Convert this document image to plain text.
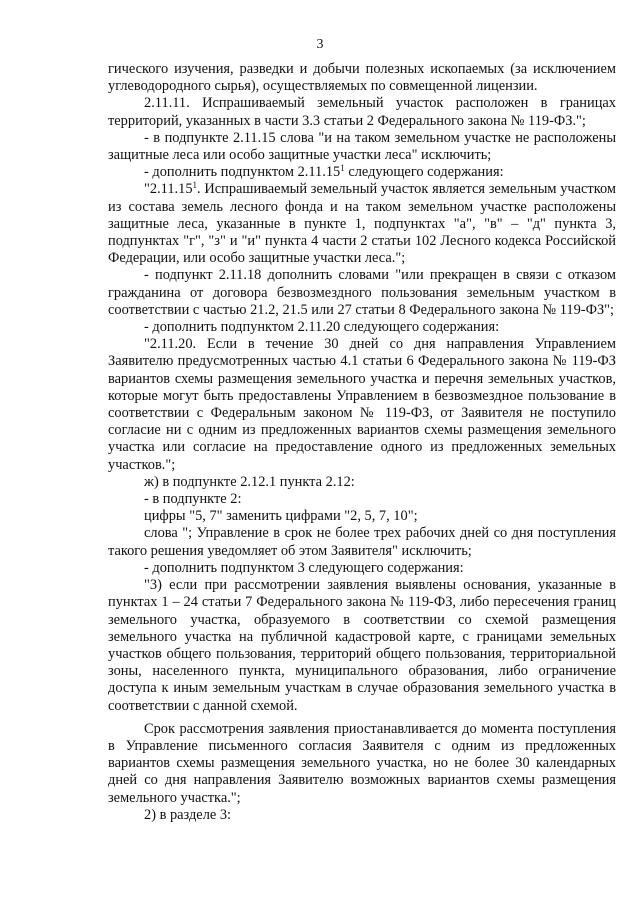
3

гического изучения, разведки и добычи полезных ископаемых (за исключением углеводородного сырья), осуществляемых по совмещенной лицензии.

2.11.11. Испрашиваемый земельный участок расположен в границах территорий, указанных в части 3.3 статьи 2 Федерального закона № 119-ФЗ.";

- в подпункте 2.11.15 слова "и на таком земельном участке не расположены защитные леса или особо защитные участки леса" исключить;

- дополнить подпунктом 2.11.15$^1$ следующего содержания:

"2.11.15$^1$. Испрашиваемый земельный участок является земельным участком из состава земель лесного фонда и на таком земельном участке расположены защитные леса, указанные в пункте 1, подпунктах "а", "в" – "д" пункта 3, подпунктах "г", "з" и "и" пункта 4 части 2 статьи 102 Лесного кодекса Российской Федерации, или особо защитные участки леса.";

- подпункт 2.11.18 дополнить словами "или прекращен в связи с отказом гражданина от договора безвозмездного пользования земельным участком в соответствии с частью 21.2, 21.5 или 27 статьи 8 Федерального закона № 119-ФЗ";

- дополнить подпунктом 2.11.20 следующего содержания:

"2.11.20. Если в течение 30 дней со дня направления Управлением Заявителю предусмотренных частью 4.1 статьи 6 Федерального закона № 119-ФЗ вариантов схемы размещения земельного участка и перечня земельных участков, которые могут быть предоставлены Управлением в безвозмездное пользование в соответствии с Федеральным законом № 119-ФЗ, от Заявителя не поступило согласие ни с одним из предложенных вариантов схемы размещения земельного участка или согласие на предоставление одного из предложенных земельных участков.";

ж) в подпункте 2.12.1 пункта 2.12:

- в подпункте 2:

цифры "5, 7" заменить цифрами "2, 5, 7, 10";

слова "; Управление в срок не более трех рабочих дней со дня поступления такого решения уведомляет об этом Заявителя" исключить;

- дополнить подпунктом 3 следующего содержания:

"3) если при рассмотрении заявления выявлены основания, указанные в пунктах 1 – 24 статьи 7 Федерального закона № 119-ФЗ, либо пересечения границ земельного участка, образуемого в соответствии со схемой размещения земельного участка на публичной кадастровой карте, с границами земельных участков общего пользования, территорий общего пользования, территориальной зоны, населенного пункта, муниципального образования, либо ограничение доступа к иным земельным участкам в случае образования земельного участка в соответствии с данной схемой.

Срок рассмотрения заявления приостанавливается до момента поступления в Управление письменного согласия Заявителя с одним из предложенных вариантов схемы размещения земельного участка, но не более 30 календарных дней со дня направления Заявителю возможных вариантов схемы размещения земельного участка.";

2) в разделе 3:
